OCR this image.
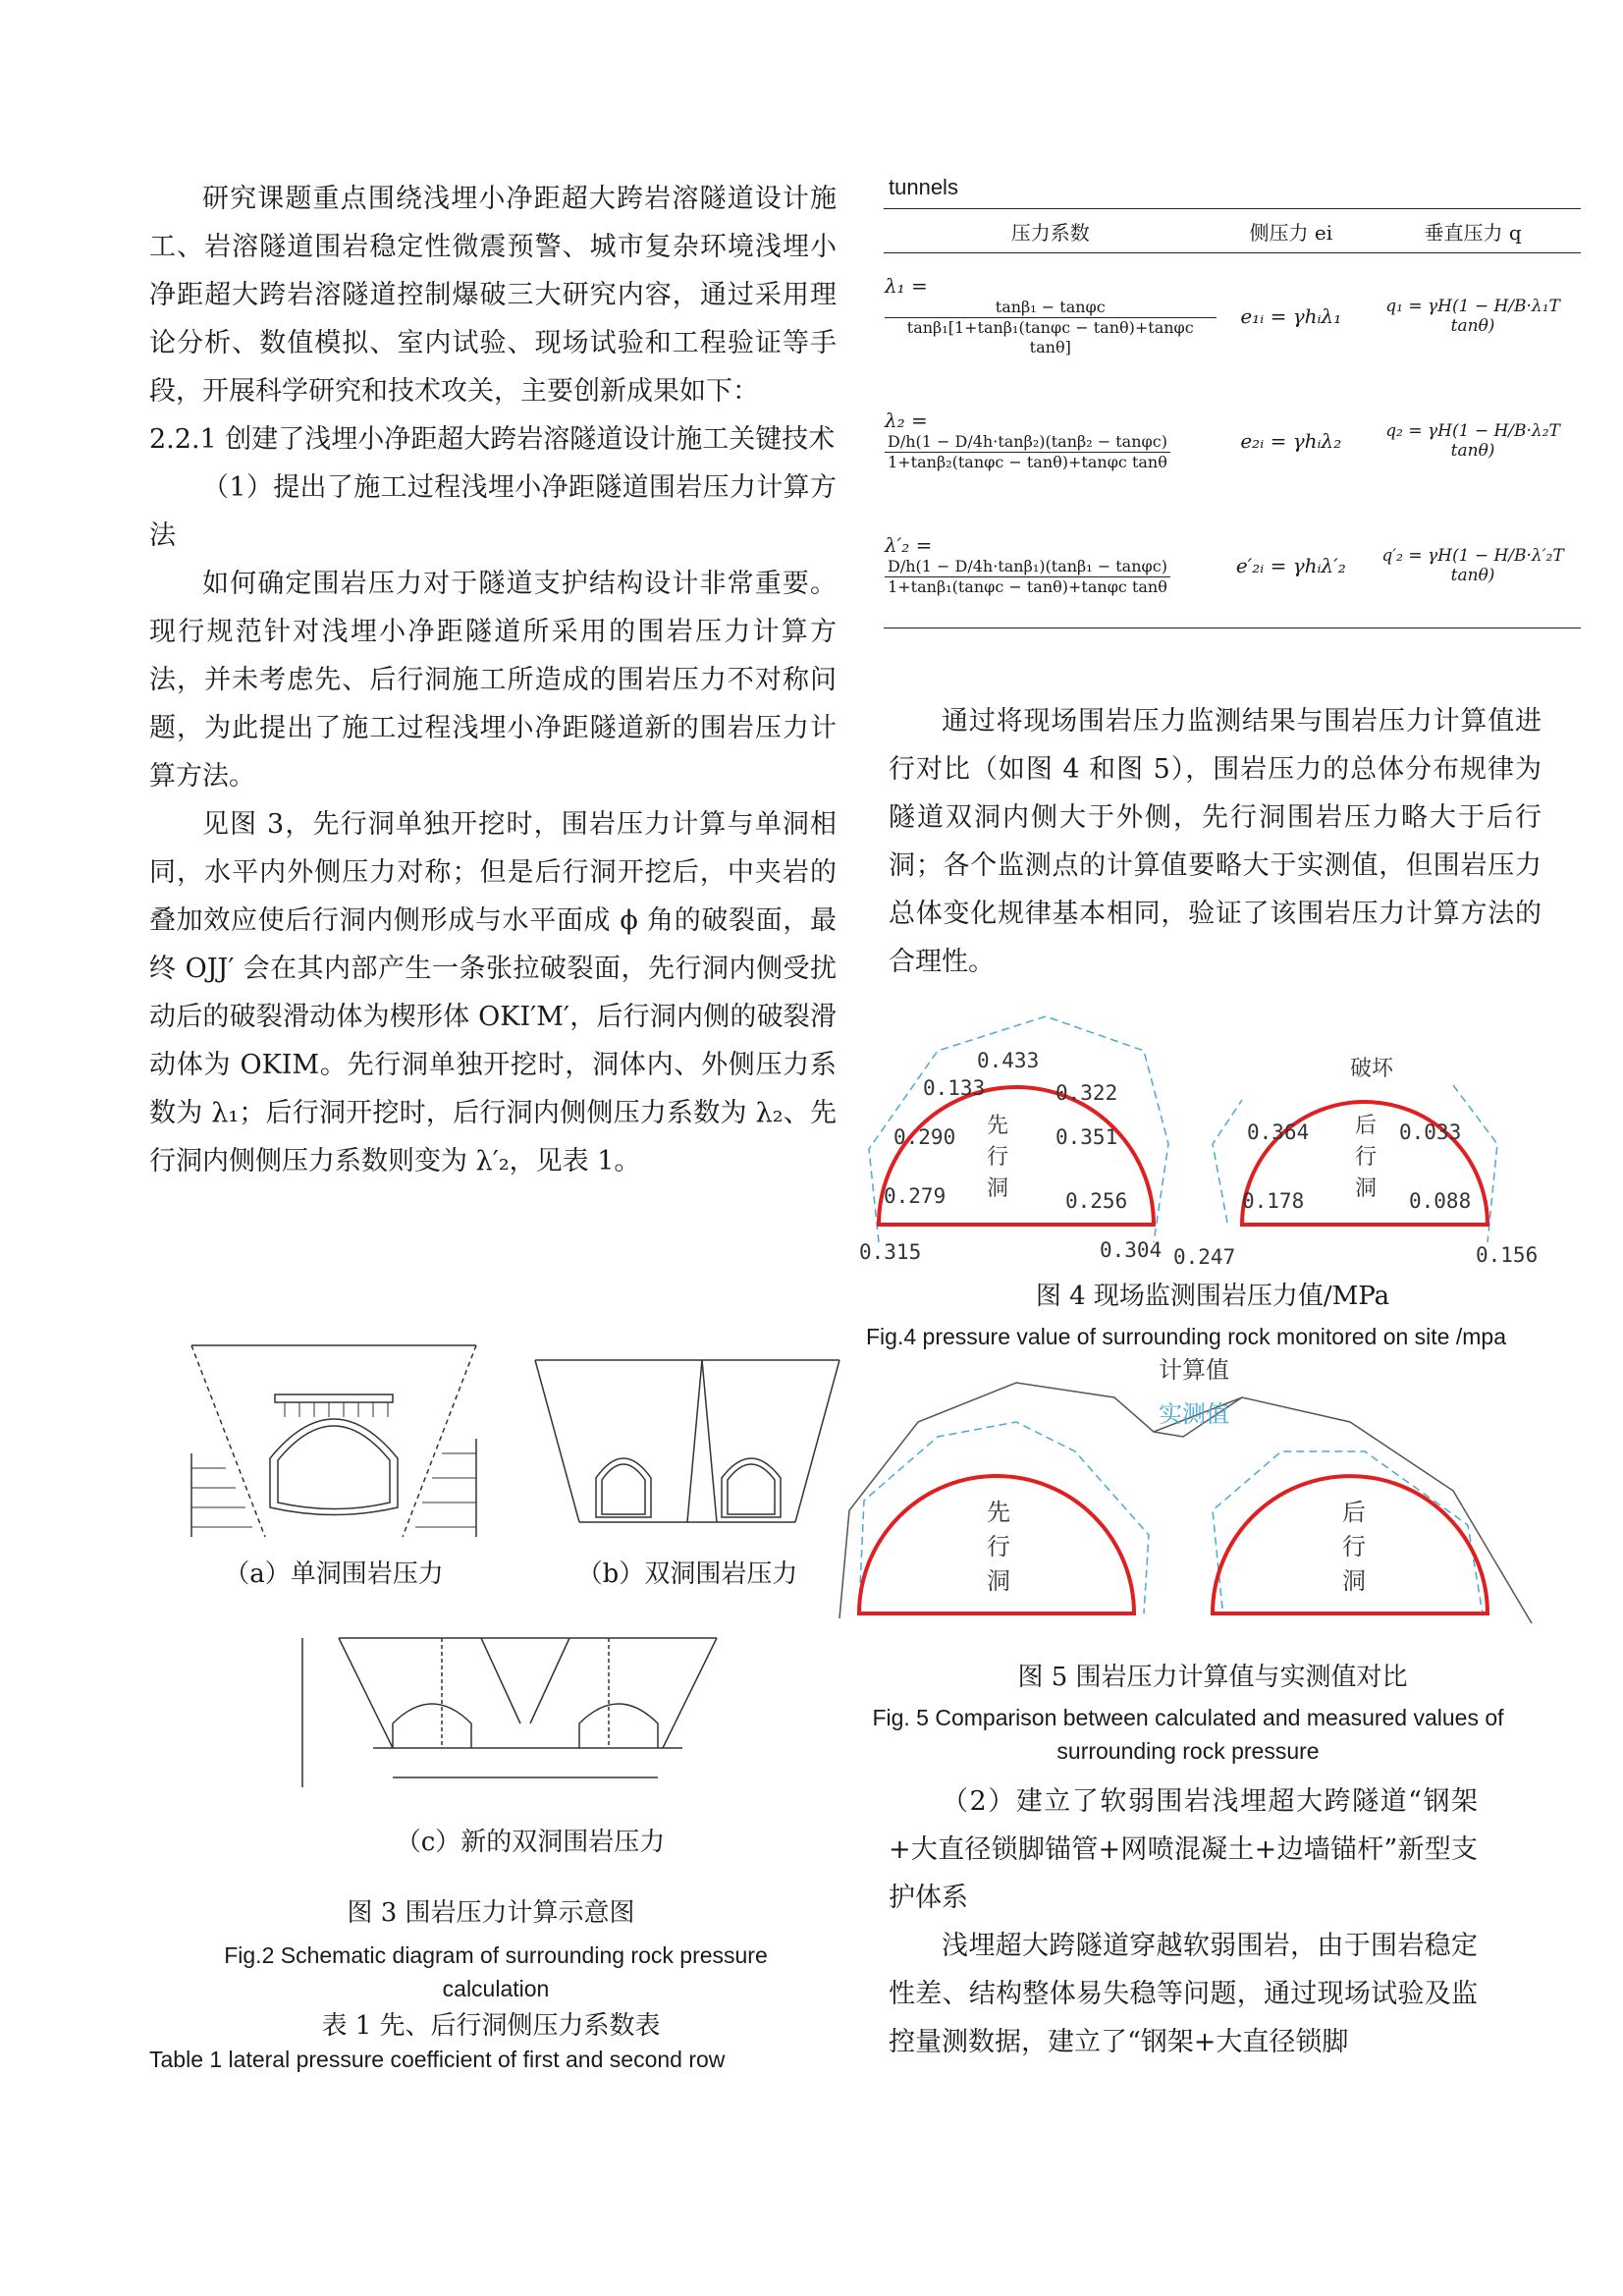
研究课题重点围绕浅埋小净距超大跨岩溶隧道设计施工、岩溶隧道围岩稳定性微震预警、城市复杂环境浅埋小净距超大跨岩溶隧道控制爆破三大研究内容，通过采用理论分析、数值模拟、室内试验、现场试验和工程验证等手段，开展科学研究和技术攻关，主要创新成果如下：

2.2.1 创建了浅埋小净距超大跨岩溶隧道设计施工关键技术

（1）提出了施工过程浅埋小净距隧道围岩压力计算方法

如何确定围岩压力对于隧道支护结构设计非常重要。现行规范针对浅埋小净距隧道所采用的围岩压力计算方法，并未考虑先、后行洞施工所造成的围岩压力不对称问题，为此提出了施工过程浅埋小净距隧道新的围岩压力计算方法。

见图 3，先行洞单独开挖时，围岩压力计算与单洞相同，水平内外侧压力对称；但是后行洞开挖后，中夹岩的叠加效应使后行洞内侧形成与水平面成 ϕ 角的破裂面，最终 OJJ′ 会在其内部产生一条张拉破裂面，先行洞内侧受扰动后的破裂滑动体为楔形体 OKI′M′，后行洞内侧的破裂滑动体为 OKIM。先行洞单独开挖时，洞体内、外侧压力系数为 λ₁；后行洞开挖时，后行洞内侧侧压力系数为 λ₂、先行洞内侧侧压力系数则变为 λ′₂，见表 1。

（a）单洞围岩压力	（b）双洞围岩压力
（c）新的双洞围岩压力
图 3 围岩压力计算示意图
Fig.2 Schematic diagram of surrounding rock pressure calculation
表 1 先、后行洞侧压力系数表
Table 1 lateral pressure coefficient of first and second row
tunnels
压力系数	侧压力 ei	垂直压力 q
λ₁ =
$\frac{\text{tanβ₁ − tanφc}}{\text{tanβ₁[1+tanβ₁(tanφc − tanθ)+tanφc tanθ]}}$	e₁ᵢ = γhᵢλ₁	q₁ = γH(1 − H/B·λ₁T tanθ)
λ₂ =
$\frac{\text{D/h(1 − D/4h·tanβ₂)(tanβ₂ − tanφc)}}{\text{1+tanβ₂(tanφc − tanθ)+tanφc tanθ}}$	e₂ᵢ = γhᵢλ₂	q₂ = γH(1 − H/B·λ₂T tanθ)
λ′₂ =
$\frac{\text{D/h(1 − D/4h·tanβ₁)(tanβ₁ − tanφc)}}{\text{1+tanβ₁(tanφc − tanθ)+tanφc tanθ}}$	e′₂ᵢ = γhᵢλ′₂	q′₂ = γH(1 − H/B·λ′₂T tanθ)

通过将现场围岩压力监测结果与围岩压力计算值进行对比（如图 4 和图 5），围岩压力的总体分布规律为隧道双洞内侧大于外侧，先行洞围岩压力略大于后行洞；各个监测点的计算值要略大于实测值，但围岩压力总体变化规律基本相同，验证了该围岩压力计算方法的合理性。

破坏
先
行
洞
后
行
洞
0.433
0.133	0.322
0.290	0.351
0.279	0.256
0.315	0.304
0.364	0.033
0.178	0.088
0.247	0.156
图 4 现场监测围岩压力值/MPa
Fig.4 pressure value of surrounding rock monitored on site /mpa
计算值
实测值
先
行
洞
后
行
洞
图 5 围岩压力计算值与实测值对比
Fig. 5 Comparison between calculated and measured values of surrounding rock pressure

（2）建立了软弱围岩浅埋超大跨隧道“钢架+大直径锁脚锚管+网喷混凝土+边墙锚杆”新型支护体系

浅埋超大跨隧道穿越软弱围岩，由于围岩稳定性差、结构整体易失稳等问题，通过现场试验及监控量测数据，建立了“钢架+大直径锁脚
